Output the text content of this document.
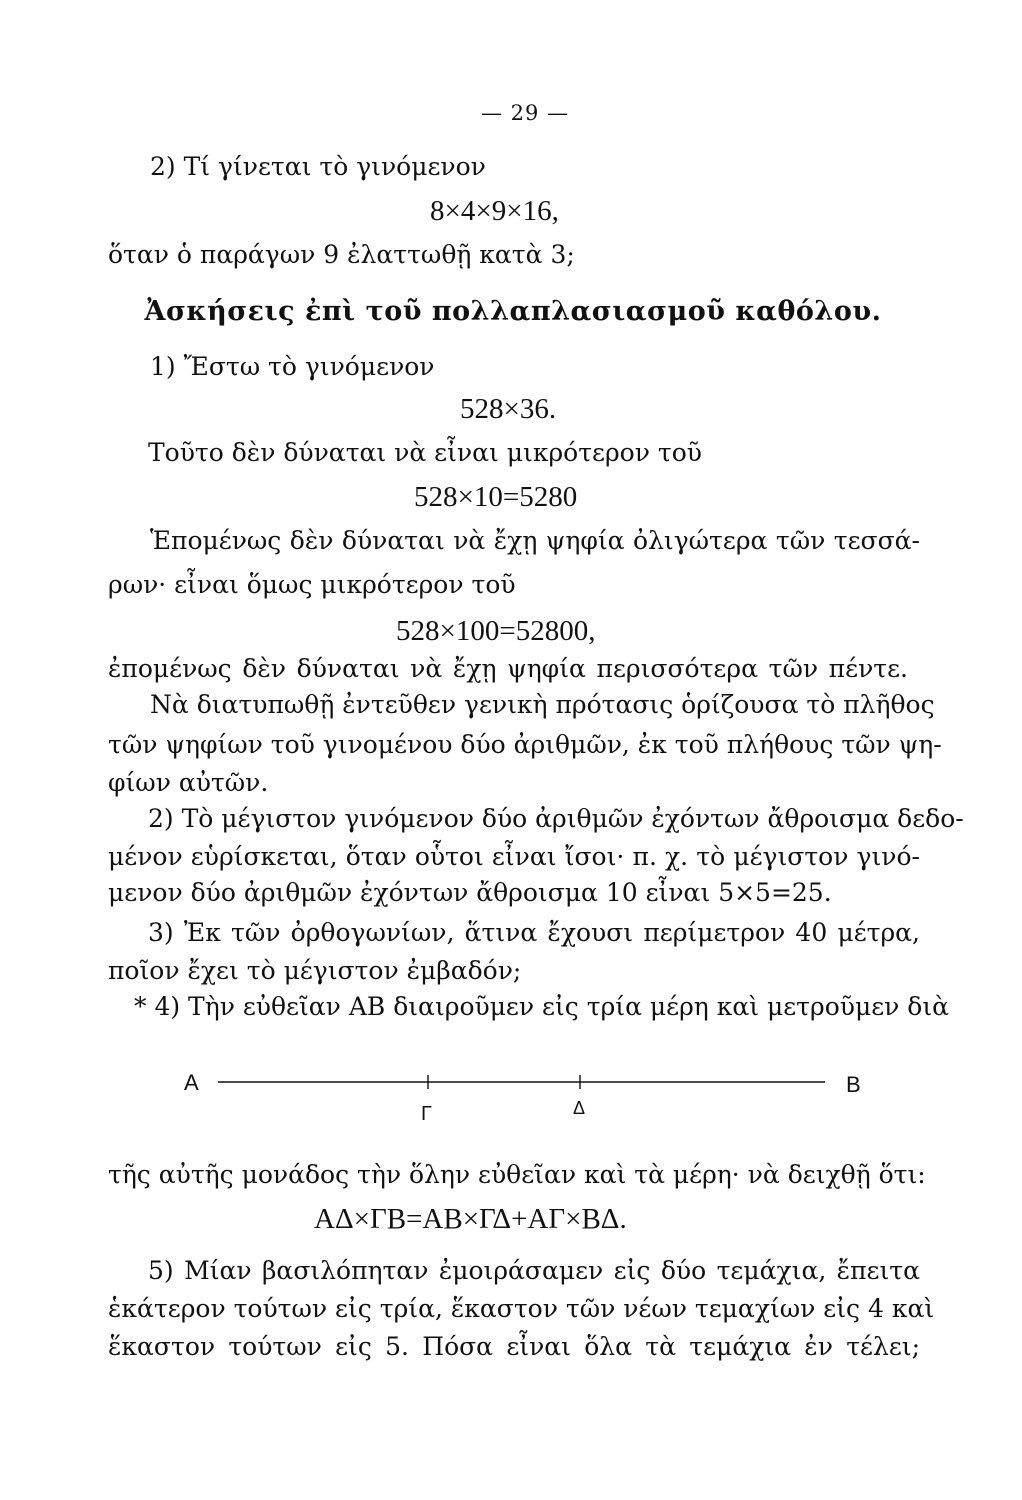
— 29 —

2) Τί γίνεται τὸ γινόμενον

8×4×9×16,

ὅταν ὁ παράγων 9 ἐλαττωθῇ κατὰ 3;

Ἀσκήσεις ἐπὶ τοῦ πολλαπλασιασμοῦ καθόλου.

1) Ἔστω τὸ γινόμενον

528×36.

Τοῦτο δὲν δύναται νὰ εἶναι μικρότερον τοῦ

528×10=5280

Ἑπομένως δὲν δύναται νὰ ἔχῃ ψηφία ὀλιγώτερα τῶν τεσσά-

ρων· εἶναι ὅμως μικρότερον τοῦ

528×100=52800,

ἐπομένως δὲν δύναται νὰ ἔχῃ ψηφία περισσότερα τῶν πέντε.

Νὰ διατυπωθῇ ἐντεῦθεν γενικὴ πρότασις ὁρίζουσα τὸ πλῆθος

τῶν ψηφίων τοῦ γινομένου δύο ἀριθμῶν, ἐκ τοῦ πλήθους τῶν ψη-

φίων αὐτῶν.

2) Τὸ μέγιστον γινόμενον δύο ἀριθμῶν ἐχόντων ἄθροισμα δεδο-

μένον εὑρίσκεται, ὅταν οὗτοι εἶναι ἴσοι· π. χ. τὸ μέγιστον γινό-

μενον δύο ἀριθμῶν ἐχόντων ἄθροισμα 10 εἶναι 5×5=25.

3) Ἐκ τῶν ὀρθογωνίων, ἅτινα ἔχουσι περίμετρον 40 μέτρα,

ποῖον ἔχει τὸ μέγιστον ἐμβαδόν;

* 4) Τὴν εὐθεῖαν ΑΒ διαιροῦμεν εἰς τρία μέρη καὶ μετροῦμεν διὰ

Α	Β
Γ	Δ

τῆς αὐτῆς μονάδος τὴν ὅλην εὐθεῖαν καὶ τὰ μέρη· νὰ δειχθῇ ὅτι:

ΑΔ×ΓΒ=ΑΒ×ΓΔ+ΑΓ×ΒΔ.

5) Μίαν βασιλόπηταν ἐμοιράσαμεν εἰς δύο τεμάχια, ἔπειτα

ἑκάτερον τούτων εἰς τρία, ἕκαστον τῶν νέων τεμαχίων εἰς 4 καὶ

ἕκαστον τούτων εἰς 5. Πόσα εἶναι ὅλα τὰ τεμάχια ἐν τέλει;
